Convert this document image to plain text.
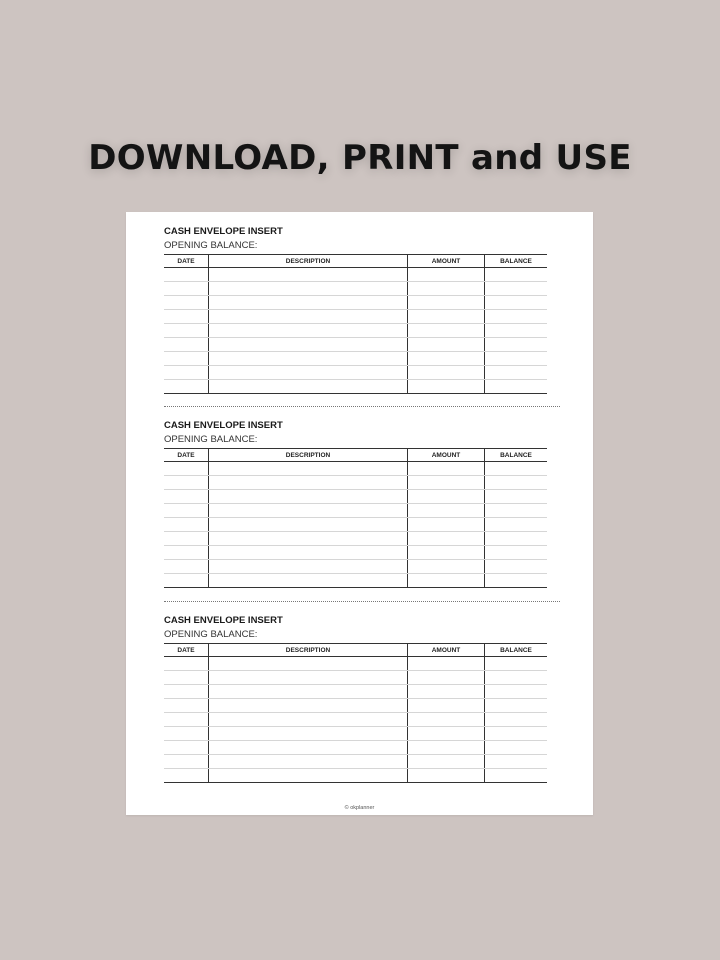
DOWNLOAD, PRINT and USE
CASH ENVELOPE INSERT
OPENING BALANCE:
DATE	DESCRIPTION	AMOUNT	BALANCE

CASH ENVELOPE INSERT
OPENING BALANCE:
DATE	DESCRIPTION	AMOUNT	BALANCE

CASH ENVELOPE INSERT
OPENING BALANCE:
DATE	DESCRIPTION	AMOUNT	BALANCE

© okplanner
